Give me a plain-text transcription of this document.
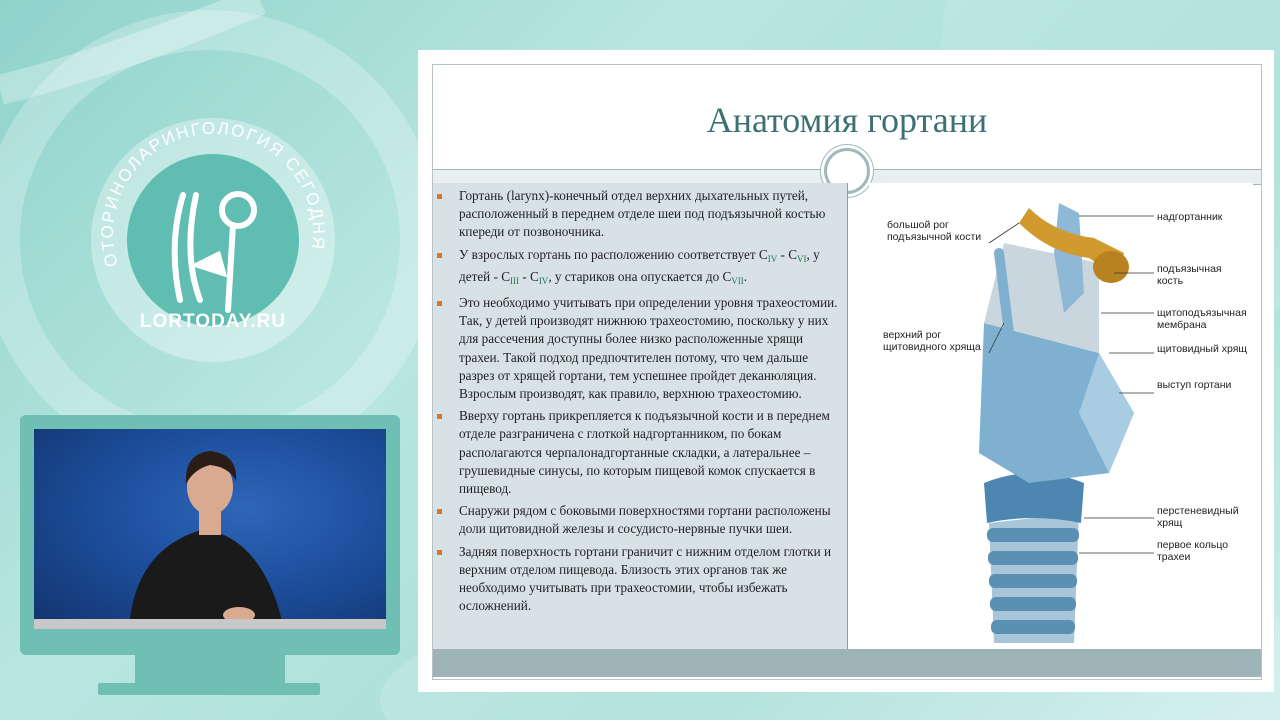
ОТОРИНОЛАРИНГОЛОГИЯ СЕГОДНЯ
LORTODAY.RU
Анатомия гортани
Гортань (larynx)-конечный отдел верхних дыхательных путей, расположенный в переднем отделе шеи под подъязычной костью кпереди от позвоночника.
У взрослых гортань по расположению соответствует $C_{IV} - C_{VI}$, у детей - $C_{III} - C_{IV}$, у стариков она опускается до $C_{VII}$.
Это необходимо учитывать при определении уровня трахеостомии. Так, у детей производят нижнюю трахеостомию, поскольку у них для рассечения доступны более низко расположенные хрящи трахеи. Такой подход предпочтителен потому, что чем дальше разрез от хрящей гортани, тем успешнее пройдет деканюляция. Взрослым производят, как правило, верхнюю трахеостомию.
Вверху гортань прикрепляется к подъязычной кости и в переднем отделе разграничена с глоткой надгортанником, по бокам располагаются черпалонадгортанные складки, а латеральнее – грушевидные синусы, по которым пищевой комок спускается в пищевод.
Снаружи рядом с боковыми поверхностями гортани расположены доли щитовидной железы и сосудисто-нервные пучки шеи.
Задняя поверхность гортани граничит с нижним отделом глотки и верхним отделом пищевода. Близость этих органов так же необходимо учитывать при трахеостомии, чтобы избежать осложнений.
большой рог подъязычной кости
надгортанник
подъязычная кость
щитоподъязычная мембрана
верхний рог щитовидного хряща	щитовидный хрящ
выступ гортани
перстеневидный хрящ
первое кольцо трахеи
